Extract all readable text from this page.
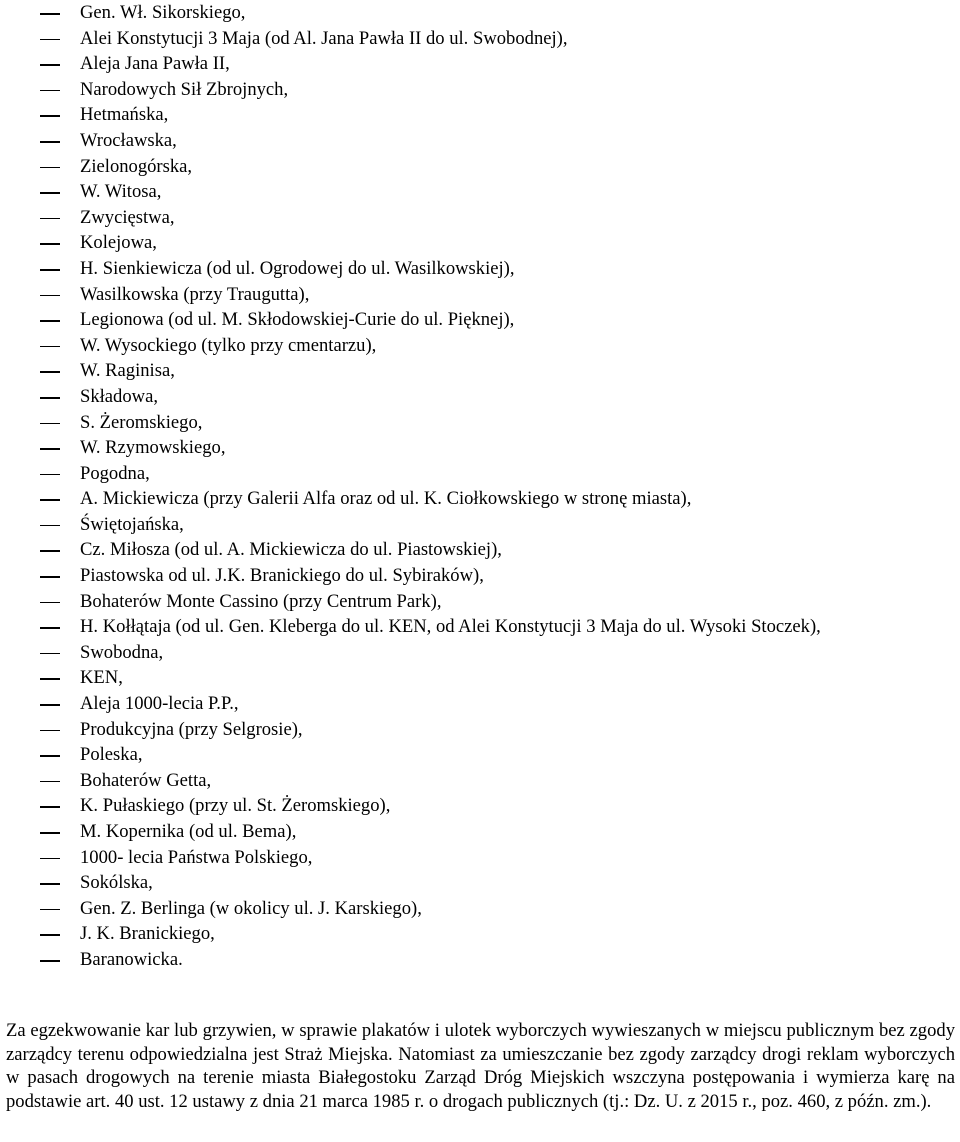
Gen. Wł. Sikorskiego,
Alei Konstytucji 3 Maja (od Al. Jana Pawła II do ul. Swobodnej),
Aleja Jana Pawła II,
Narodowych Sił Zbrojnych,
Hetmańska,
Wrocławska,
Zielonogórska,
W. Witosa,
Zwycięstwa,
Kolejowa,
H. Sienkiewicza (od ul. Ogrodowej do ul. Wasilkowskiej),
Wasilkowska (przy Traugutta),
Legionowa (od ul. M. Skłodowskiej-Curie do ul. Pięknej),
W. Wysockiego (tylko przy cmentarzu),
W. Raginisa,
Składowa,
S. Żeromskiego,
W. Rzymowskiego,
Pogodna,
A. Mickiewicza (przy Galerii Alfa oraz od ul. K. Ciołkowskiego w stronę miasta),
Świętojańska,
Cz. Miłosza (od ul. A. Mickiewicza do ul. Piastowskiej),
Piastowska od ul. J.K. Branickiego do ul. Sybiraków),
Bohaterów Monte Cassino (przy Centrum Park),
H. Kołłątaja (od ul. Gen. Kleberga do ul. KEN, od Alei Konstytucji 3 Maja do ul. Wysoki Stoczek),
Swobodna,
KEN,
Aleja 1000-lecia P.P.,
Produkcyjna (przy Selgrosie),
Poleska,
Bohaterów Getta,
K. Pułaskiego (przy ul. St. Żeromskiego),
M. Kopernika (od ul. Bema),
1000- lecia Państwa Polskiego,
Sokólska,
Gen. Z. Berlinga (w okolicy ul. J. Karskiego),
J. K. Branickiego,
Baranowicka.

Za egzekwowanie kar lub grzywien, w sprawie plakatów i ulotek wyborczych wywieszanych w miejscu publicznym bez zgody zarządcy terenu odpowiedzialna jest Straż Miejska. Natomiast za umieszczanie bez zgody zarządcy drogi reklam wyborczych w pasach drogowych na terenie miasta Białegostoku Zarząd Dróg Miejskich wszczyna postępowania i wymierza karę na podstawie art. 40 ust. 12 ustawy z dnia 21 marca 1985 r. o drogach publicznych (tj.: Dz. U. z 2015 r., poz. 460, z późn. zm.).
